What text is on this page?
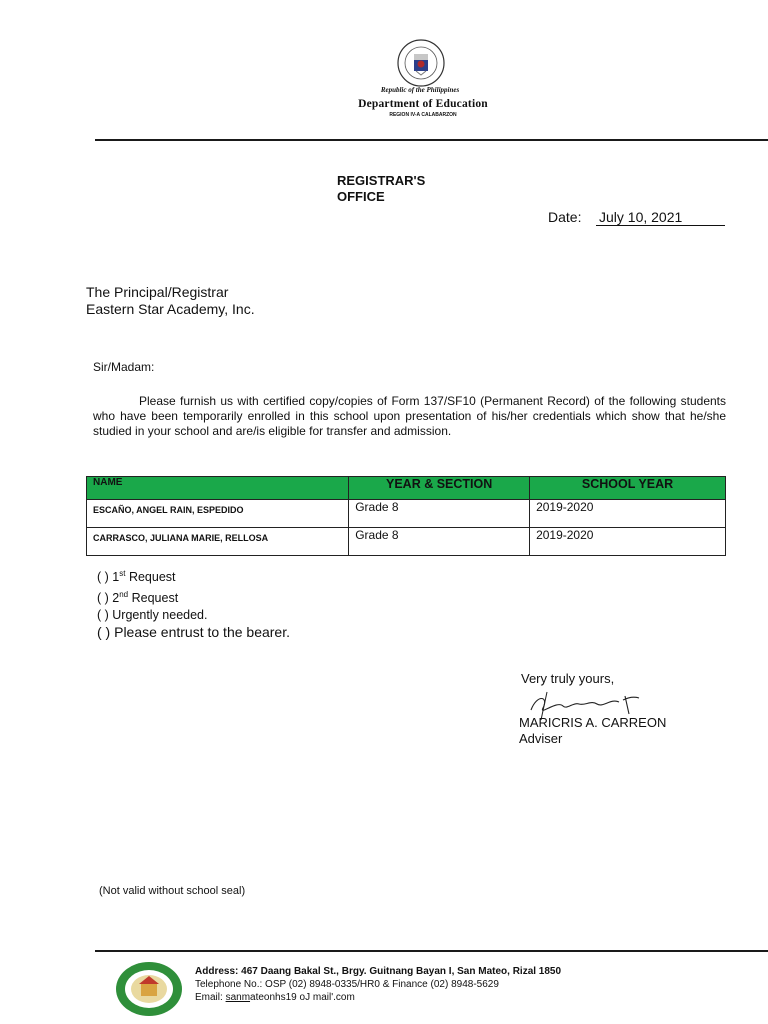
Republic of the Philippines
Department of Education
REGION IV-A CALABARZON
REGISTRAR'S OFFICE
Date: July 10, 2021
The Principal/Registrar
Eastern Star Academy, Inc.
Sir/Madam:
Please furnish us with certified copy/copies of Form 137/SF10 (Permanent Record) of the following students who have been temporarily enrolled in this school upon presentation of his/her credentials which show that he/she studied in your school and are/is eligible for transfer and admission.
NAME	YEAR & SECTION	SCHOOL YEAR
ESCAÑO, ANGEL RAIN, ESPEDIDO	Grade 8	2019-2020
CARRASCO, JULIANA MARIE, RELLOSA	Grade 8	2019-2020
( ) 1st Request
( ) 2nd Request
( ) Urgently needed.
( ) Please entrust to the bearer.
Very truly yours,
MARICRIS A. CARREON
Adviser
(Not valid without school seal)
Address: 467 Daang Bakal St., Brgy. Guitnang Bayan I, San Mateo, Rizal 1850
Telephone No.: OSP (02) 8948-0335/HR0 & Finance (02) 8948-5629
Email: sanmateonhs19 oJ mail'.com
